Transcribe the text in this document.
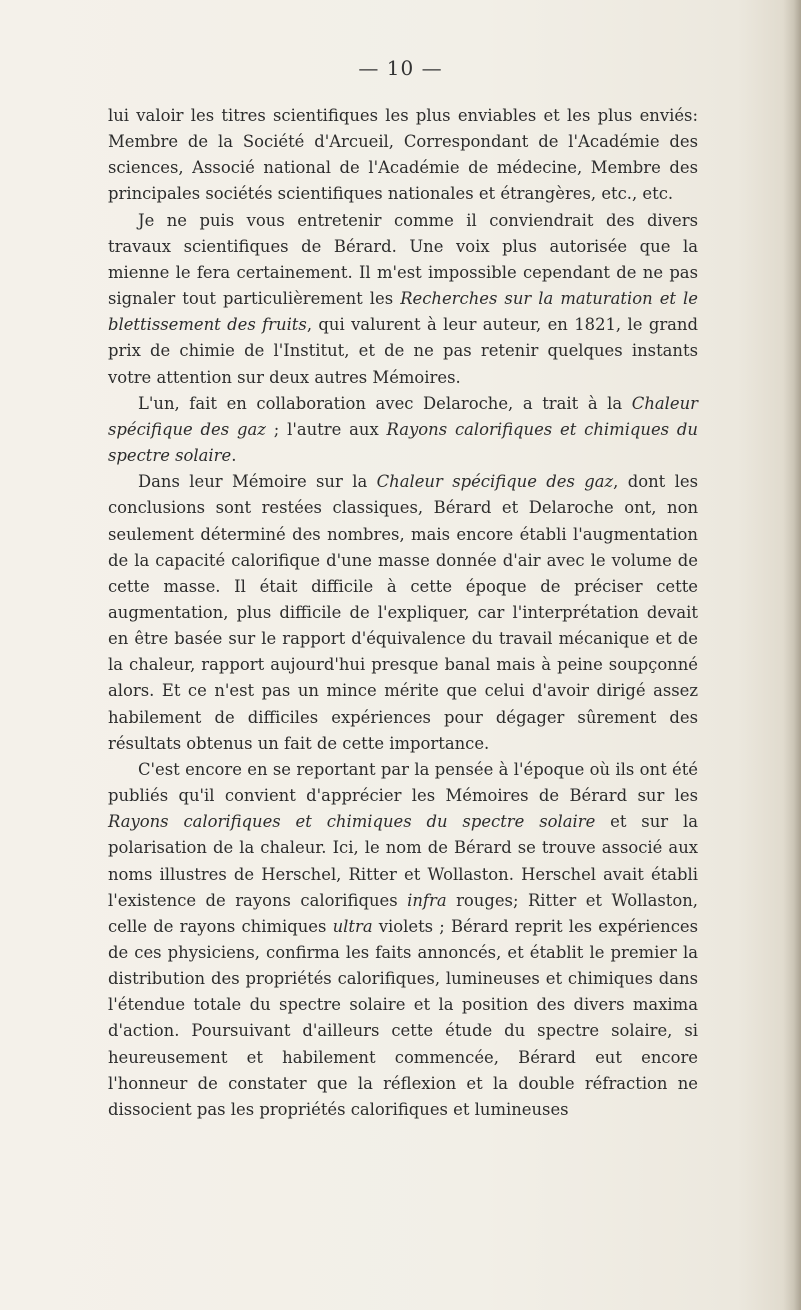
— 10 —

lui valoir les titres scientifiques les plus enviables et les plus enviés: Membre de la Société d'Arcueil, Correspondant de l'Académie des sciences, Associé national de l'Académie de médecine, Membre des principales sociétés scientifiques nationales et étrangères, etc., etc.

Je ne puis vous entretenir comme il conviendrait des divers travaux scientifiques de Bérard. Une voix plus autorisée que la mienne le fera certainement. Il m'est impossible cependant de ne pas signaler tout particulièrement les Recherches sur la maturation et le blettissement des fruits, qui valurent à leur auteur, en 1821, le grand prix de chimie de l'Institut, et de ne pas retenir quelques instants votre attention sur deux autres Mémoires.

L'un, fait en collaboration avec Delaroche, a trait à la Chaleur spécifique des gaz ; l'autre aux Rayons calorifiques et chimiques du spectre solaire.

Dans leur Mémoire sur la Chaleur spécifique des gaz, dont les conclusions sont restées classiques, Bérard et Delaroche ont, non seulement déterminé des nombres, mais encore établi l'augmentation de la capacité calorifique d'une masse donnée d'air avec le volume de cette masse. Il était difficile à cette époque de préciser cette augmentation, plus difficile de l'expliquer, car l'interprétation devait en être basée sur le rapport d'équivalence du travail mécanique et de la chaleur, rapport aujourd'hui presque banal mais à peine soupçonné alors. Et ce n'est pas un mince mérite que celui d'avoir dirigé assez habilement de difficiles expériences pour dégager sûrement des résultats obtenus un fait de cette importance.

C'est encore en se reportant par la pensée à l'époque où ils ont été publiés qu'il convient d'apprécier les Mémoires de Bérard sur les Rayons calorifiques et chimiques du spectre solaire et sur la polarisation de la chaleur. Ici, le nom de Bérard se trouve associé aux noms illustres de Herschel, Ritter et Wollaston. Herschel avait établi l'existence de rayons calorifiques infra rouges; Ritter et Wollaston, celle de rayons chimiques ultra violets ; Bérard reprit les expériences de ces physiciens, confirma les faits annoncés, et établit le premier la distribution des propriétés calorifiques, lumineuses et chimiques dans l'étendue totale du spectre solaire et la position des divers maxima d'action. Poursuivant d'ailleurs cette étude du spectre solaire, si heureusement et habilement commencée, Bérard eut encore l'honneur de constater que la réflexion et la double réfraction ne dissocient pas les propriétés calorifiques et lumineuses
